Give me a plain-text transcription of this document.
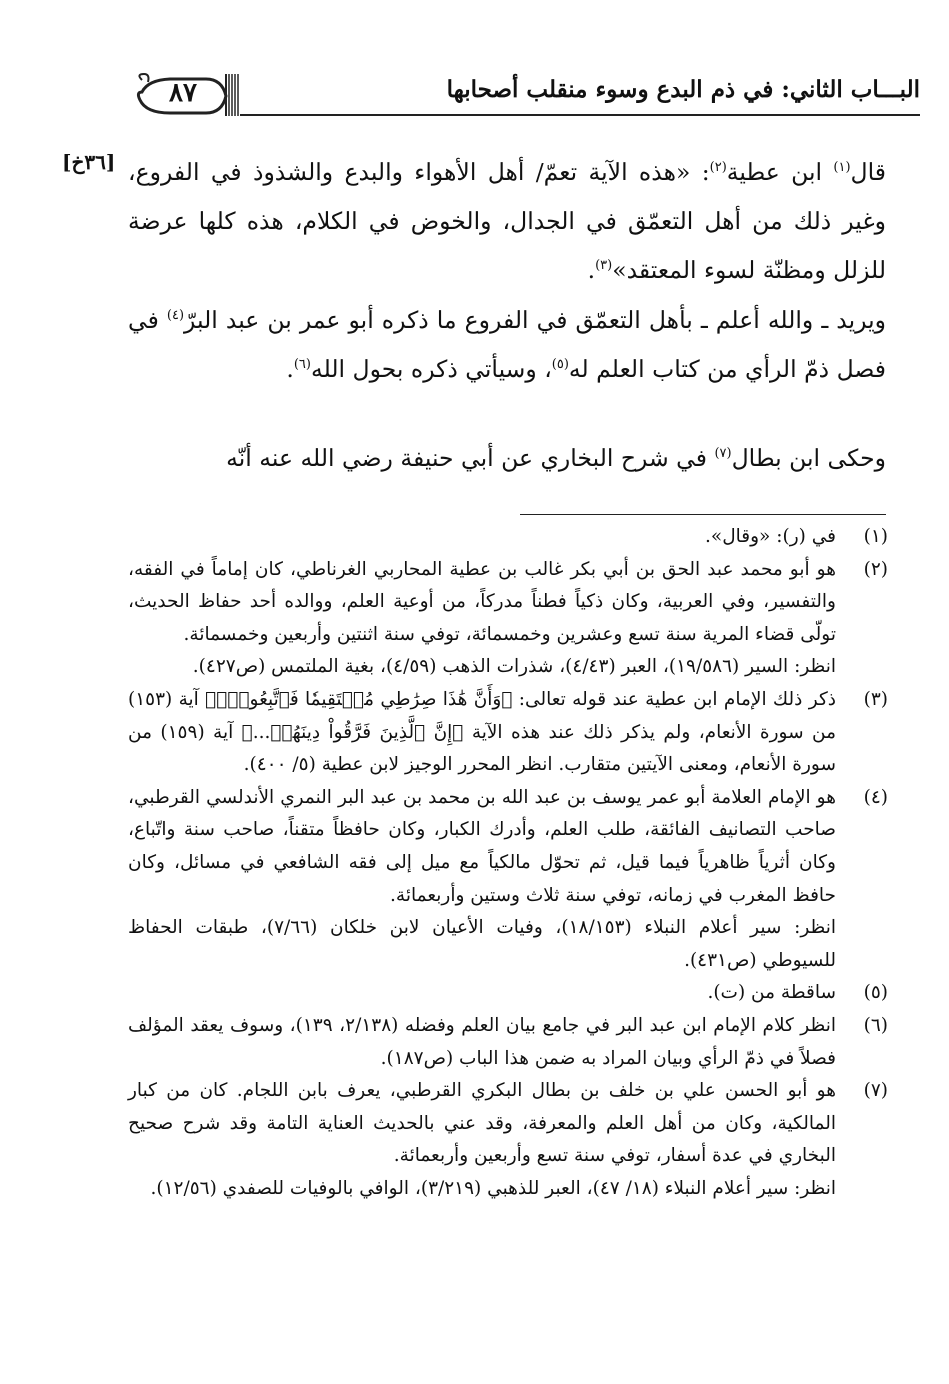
٨٧	البـــاب الثاني: في ذم البدع وسوء منقلب أصحابها
[٣٦خ]	قال$^{(١)}$ ابن عطية$^{(٢)}$: «هذه الآية تعمّ/ أهل الأهواء والبدع والشذوذ في الفروع، وغير ذلك من أهل التعمّق في الجدال، والخوض في الكلام، هذه كلها عرضة للزلل ومظنّة لسوء المعتقد»$^{(٣)}$.
ويريد ـ والله أعلم ـ بأهل التعمّق في الفروع ما ذكره أبو عمر بن عبد البرّ$^{(٤)}$ في فصل ذمّ الرأي من كتاب العلم له$^{(٥)}$، وسيأتي ذكره بحول الله$^{(٦)}$.
وحكى ابن بطال$^{(٧)}$ في شرح البخاري عن أبي حنيفة رضي الله عنه أنّه
(١)
في (ر): «وقال».
(٢)
هو أبو محمد عبد الحق بن أبي بكر غالب بن عطية المحاربي الغرناطي، كان إماماً في الفقه، والتفسير، وفي العربية، وكان ذكياً فطناً مدركاً، من أوعية العلم، ووالده أحد حفاظ الحديث، تولّى قضاء المرية سنة تسع وعشرين وخمسمائة، توفي سنة اثنتين وأربعين وخمسمائة.
انظر: السير (١٩/٥٨٦)، العبر (٤/٤٣)، شذرات الذهب (٤/٥٩)، بغية الملتمس (ص٤٢٧).
(٣)
ذكر ذلك الإمام ابن عطية عند قوله تعالى: ﴿وَأَنَّ هَٰذَا صِرَٰطِي مُسۡتَقِيمٗا فَٱتَّبِعُوهُۖ﴾ آية (١٥٣) من سورة الأنعام، ولم يذكر ذلك عند هذه الآية ﴿إِنَّ ٱلَّذِينَ فَرَّقُواْ دِينَهُمۡ...﴾ آية (١٥٩) من سورة الأنعام، ومعنى الآيتين متقارب. انظر المحرر الوجيز لابن عطية (٥/ ٤٠٠).
(٤)
هو الإمام العلامة أبو عمر يوسف بن عبد الله بن محمد بن عبد البر النمري الأندلسي القرطبي، صاحب التصانيف الفائقة، طلب العلم، وأدرك الكبار، وكان حافظاً متقناً، صاحب سنة واتّباع، وكان أثرياً ظاهرياً فيما قيل، ثم تحوّل مالكياً مع ميل إلى فقه الشافعي في مسائل، وكان حافظ المغرب في زمانه، توفي سنة ثلاث وستين وأربعمائة.
انظر: سير أعلام النبلاء (١٨/١٥٣)، وفيات الأعيان لابن خلكان (٧/٦٦)، طبقات الحفاظ للسيوطي (ص٤٣١).
(٥)
ساقطة من (ت).
(٦)
انظر كلام الإمام ابن عبد البر في جامع بيان العلم وفضله (٢/١٣٨، ١٣٩)، وسوف يعقد المؤلف فصلاً في ذمّ الرأي وبيان المراد به ضمن هذا الباب (ص١٨٧).
(٧)
هو أبو الحسن علي بن خلف بن بطال البكري القرطبي، يعرف بابن اللجام. كان من كبار المالكية، وكان من أهل العلم والمعرفة، وقد عني بالحديث العناية التامة وقد شرح صحيح البخاري في عدة أسفار، توفي سنة تسع وأربعين وأربعمائة.
انظر: سير أعلام النبلاء (١٨/ ٤٧)، العبر للذهبي (٣/٢١٩)، الوافي بالوفيات للصفدي (١٢/٥٦).
